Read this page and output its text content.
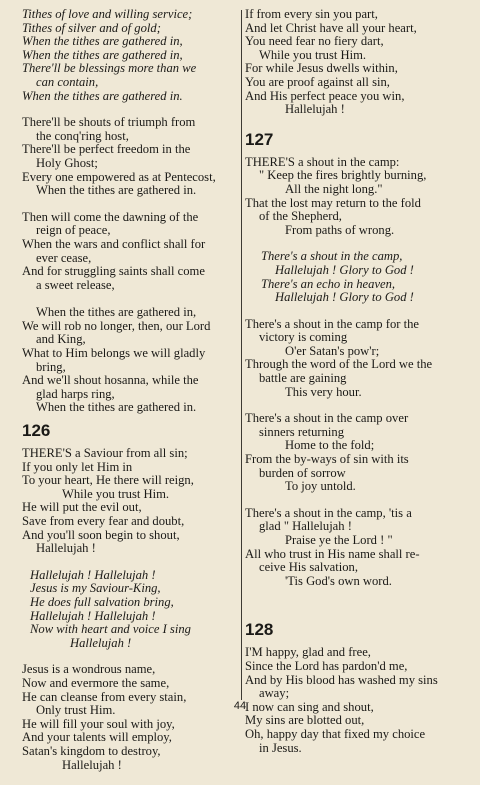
Tithes of love and willing service;
Tithes of silver and of gold;
When the tithes are gathered in,
When the tithes are gathered in,
There'll be blessings more than we
can contain,
When the tithes are gathered in.
There'll be shouts of triumph from
the conq'ring host,
There'll be perfect freedom in the
Holy Ghost;
Every one empowered as at Pentecost,
When the tithes are gathered in.
Then will come the dawning of the
reign of peace,
When the wars and conflict shall for
ever cease,
And for struggling saints shall come
a sweet release,
When the tithes are gathered in,
We will rob no longer, then, our Lord
and King,
What to Him belongs we will gladly
bring,
And we'll shout hosanna, while the
glad harps ring,
When the tithes are gathered in.
126
THERE'S a Saviour from all sin;
If you only let Him in
To your heart, He there will reign,
While you trust Him.
He will put the evil out,
Save from every fear and doubt,
And you'll soon begin to shout,
Hallelujah !
Hallelujah ! Hallelujah !
Jesus is my Saviour-King,
He does full salvation bring,
Hallelujah ! Hallelujah !
Now with heart and voice I sing
Hallelujah !
Jesus is a wondrous name,
Now and evermore the same,
He can cleanse from every stain,
Only trust Him.
He will fill your soul with joy,
And your talents will employ,
Satan's kingdom to destroy,
Hallelujah !
If from every sin you part,
And let Christ have all your heart,
You need fear no fiery dart,
While you trust Him.
For while Jesus dwells within,
You are proof against all sin,
And His perfect peace you win,
Hallelujah !
127
THERE'S a shout in the camp:
" Keep the fires brightly burning,
All the night long."
That the lost may return to the fold
of the Shepherd,
From paths of wrong.
There's a shout in the camp,
Hallelujah ! Glory to God !
There's an echo in heaven,
Hallelujah ! Glory to God !
There's a shout in the camp for the
victory is coming
O'er Satan's pow'r;
Through the word of the Lord we the
battle are gaining
This very hour.
There's a shout in the camp over
sinners returning
Home to the fold;
From the by-ways of sin with its
burden of sorrow
To joy untold.
There's a shout in the camp, 'tis a
glad " Hallelujah !
Praise ye the Lord ! "
All who trust in His name shall re-
ceive His salvation,
'Tis God's own word.
128
I'M happy, glad and free,
Since the Lord has pardon'd me,
And by His blood has washed my sins
away;
I now can sing and shout,
My sins are blotted out,
Oh, happy day that fixed my choice
in Jesus.
44
